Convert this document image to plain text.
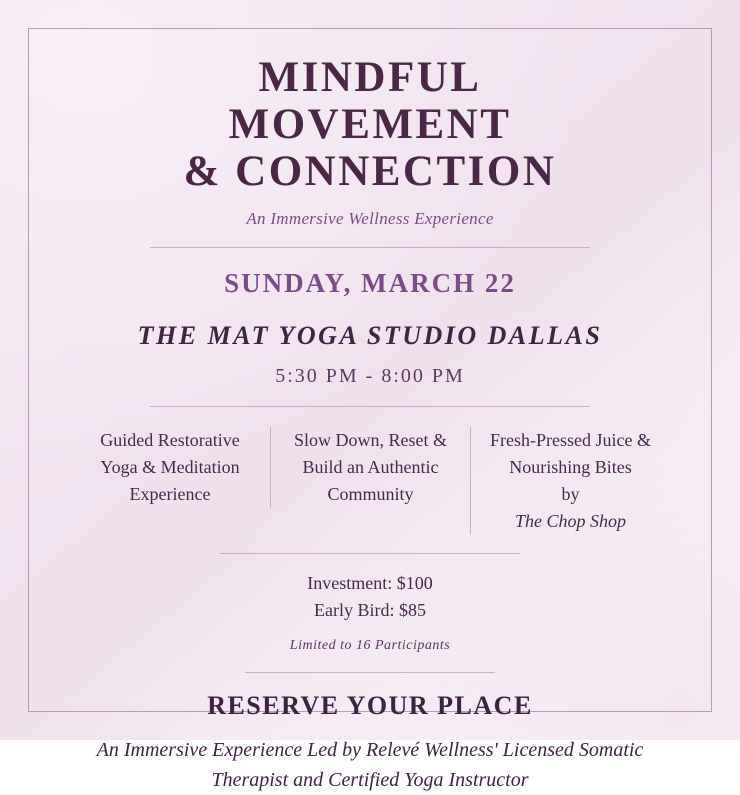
MINDFUL
MOVEMENT
& CONNECTION
An Immersive Wellness Experience
SUNDAY, MARCH 22
THE MAT YOGA STUDIO DALLAS
5:30 PM - 8:00 PM
Guided Restorative
Yoga & Meditation
Experience
Slow Down, Reset &
Build an Authentic
Community
Fresh-Pressed Juice &
Nourishing Bites
by
The Chop Shop
Investment: $100
Early Bird: $85
Limited to 16 Participants
RESERVE YOUR PLACE
An Immersive Experience Led by Relevé Wellness' Licensed Somatic
Therapist and Certified Yoga Instructor
